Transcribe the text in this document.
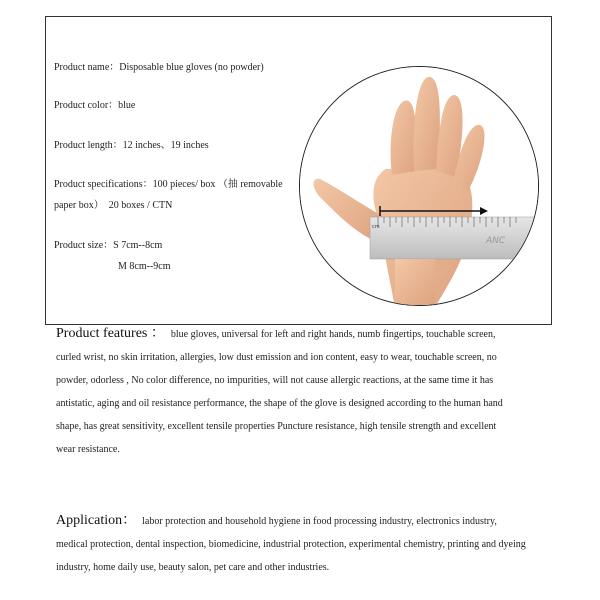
Product name：Disposable blue gloves (no powder)
Product color：blue
Product length：12 inches、19 inches
Product specifications：100 pieces/ box （抽 removable paper box）　20 boxes / CTN
Product size：S 7cm--8cm
M 8cm--9cm
cm
ANC
Product features ： blue gloves, universal for left and right hands, numb fingertips, touchable screen, curled wrist, no skin irritation, allergies, low dust emission and ion content, easy to wear, touchable screen, no powder, odorless , No color difference, no impurities, will not cause allergic reactions, at the same time it has antistatic, aging and oil resistance performance, the shape of the glove is designed according to the human hand shape, has great sensitivity, excellent tensile properties Puncture resistance, high tensile strength and excellent wear resistance.
Application： labor protection and household hygiene in food processing industry, electronics industry, medical protection, dental inspection, biomedicine, industrial protection, experimental chemistry, printing and dyeing industry, home daily use, beauty salon, pet care and other industries.
